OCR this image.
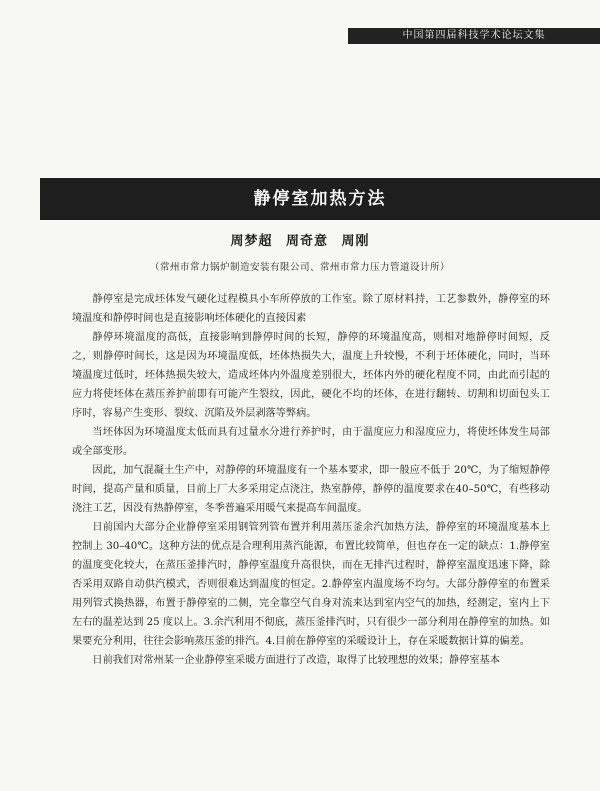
中国第四届科技学术论坛文集
静停室加热方法
周梦超 周奇意 周刚
（常州市常力锅炉制造安装有限公司、常州市常力压力管道设计所）

静停室是完成坯体发气硬化过程模具小车所停放的工作室。除了原材料持，工艺参数外，静停室的环境温度和静停时间也是直接影响坯体硬化的直接因素

静停环境温度的高低，直接影响到静停时间的长短，静停的环境温度高，则相对地静停时间短，反之，则静停时间长，这是因为环境温度低，坯体热损失大，温度上升较慢，不利于坯体硬化，同时，当环境温度过低时，坯体热损失较大，造成坯体内外温度差别很大，坯体内外的硬化程度不同，由此而引起的应力将使坯体在蒸压养护前即有可能产生裂纹，因此，硬化不均的坯体，在进行翻转、切割和切面包头工序时，容易产生变形、裂纹、沉陷及外层剥落等弊病。

当坯体因为环境温度太低而具有过量水分进行养护时，由于温度应力和湿度应力，将使坯体发生局部或全部变形。

因此，加气混凝土生产中，对静停的环境温度有一个基本要求，即一般应不低于 20℃，为了缩短静停时间，提高产量和质量，目前上厂大多采用定点浇注，热室静停，静停的温度要求在40–50℃，有些移动浇注工艺，因没有热静停室，冬季普遍采用暖气来提高车间温度。

日前国内大部分企业静停室采用钢管列管布置并利用蒸压釜余汽加热方法，静停室的环境温度基本上控制上 30–40℃。这种方法的优点是合理利用蒸汽能源，布置比较简单，但也存在一定的缺点：1.静停室的温度变化较大，在蒸压釜排汽时，静停室温度升高很快，而在无排汽过程时，静停室温度迅速下降，除否采用双路自动供汽模式，否则很难达到温度的恒定。2.静停室内温度场不均匀。大部分静停室的布置采用列管式换热器，布置于静停室的二侧，完全靠空气自身对流来达到室内空气的加热，经测定，室内上下左右的温差达到 25 度以上。3.余汽利用不彻底，蒸压釜排汽时，只有很少一部分利用在静停室的加热。如果要充分利用，往往会影响蒸压釜的排汽。4.目前在静停室的采暖设计上，存在采暖数据计算的偏差。

日前我们对常州某一企业静停室采暖方面进行了改造，取得了比较理想的效果；静停室基本
